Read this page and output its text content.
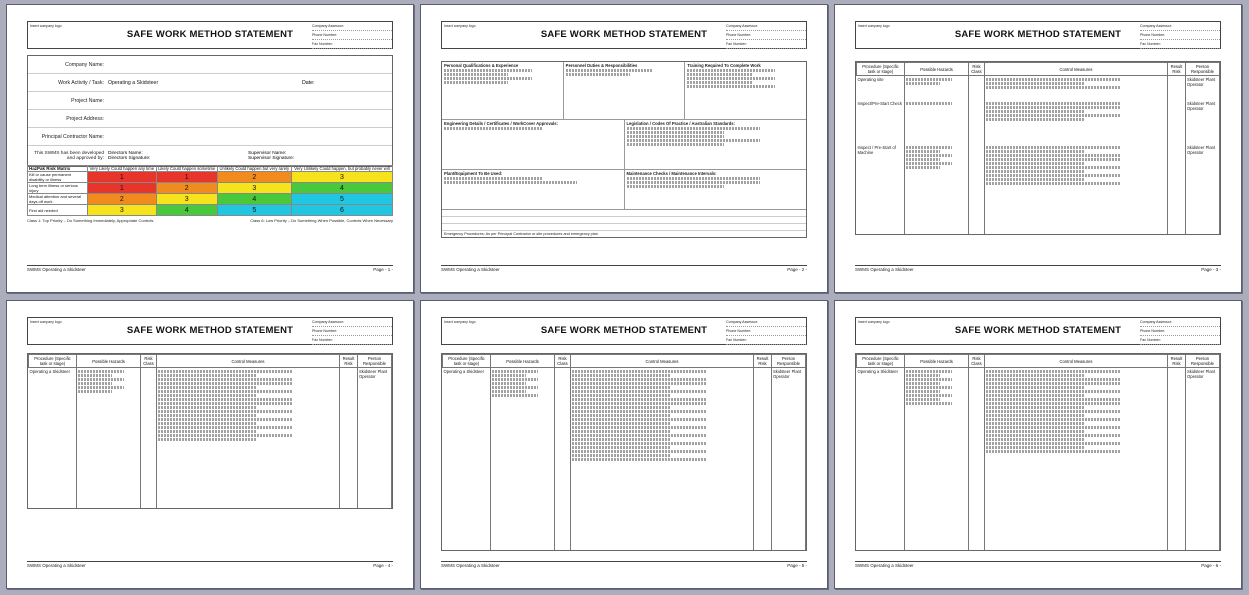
Insert company logo
SAFE WORK METHOD STATEMENT
Company Assessor:
Phone Number:
Fax Number:
Company Name:
Work Activity / Task: Operating a Skidsteer	Date:
Project Name:
Project Address:
Principal Contractor Name:
This SWMS has been developed and approved by:
Directors Name:
Directors Signature:
Supervisor Name:
Supervisor Signature:
HazPak Risk Matrix	Very Likely Could happen any time	Likely Could happen sometime	Unlikely Could happen but very rarely	Very Unlikely Could happen, but probably never will
Kill or cause permanent disability or illness	1	1	2	3
Long term illness or serious injury	1	2	3	4
Medical attention and several days off work	2	3	4	5
First aid needed	3	4	5	6
Class 1: Top Priority – Do Something Immediately, Appropriate Controls	Class 6: Low Priority – Do Something When Possible, Controls When Necessary
SWMS Operating a Skidsteer	Page - 1 -
Insert company logo
SAFE WORK METHOD STATEMENT
Company Assessor:
Phone Number:
Fax Number:
Personal Qualifications & Experience	Personnel Duties & Responsibilities	Training Required To Complete Work
Engineering Details / Certificates / WorkCover Approvals:	Legislation / Codes Of Practice / Australian Standards:
Plant/Equipment To Be Used:	Maintenance Checks / Maintenance Intervals:
Emergency Procedures: As per Principal Contractor or site procedures and emergency plan
SWMS Operating a Skidsteer	Page - 2 -
Insert company logo
SAFE WORK METHOD STATEMENT
Company Assessor:
Phone Number:
Fax Number:
Procedure (Specific task or stage)	Possible Hazards	Risk Class	Control Measures	Result Risk	Person Responsible
Operating site					Skidsteer Plant Operator
Inspect/Pre-Start Check					Skidsteer Plant Operator
Inspect / Pre-Start of Machine					Skidsteer Plant Operator
SWMS Operating a Skidsteer	Page - 3 -
Insert company logo
SAFE WORK METHOD STATEMENT
Company Assessor:
Phone Number:
Fax Number:
Procedure (Specific task or stage)	Possible Hazards	Risk Class	Control Measures	Result Risk	Person Responsible
Operating a Skidsteer					Skidsteer Plant Operator
SWMS Operating a Skidsteer	Page - 4 -
Insert company logo
SAFE WORK METHOD STATEMENT
Company Assessor:
Phone Number:
Fax Number:
Procedure (Specific task or stage)	Possible Hazards	Risk Class	Control Measures	Result Risk	Person Responsible
Operating a Skidsteer					Skidsteer Plant Operator
SWMS Operating a Skidsteer	Page - 5 -
Insert company logo
SAFE WORK METHOD STATEMENT
Company Assessor:
Phone Number:
Fax Number:
Procedure (Specific task or stage)	Possible Hazards	Risk Class	Control Measures	Result Risk	Person Responsible
Operating a Skidsteer					Skidsteer Plant Operator
SWMS Operating a Skidsteer	Page - 6 -
